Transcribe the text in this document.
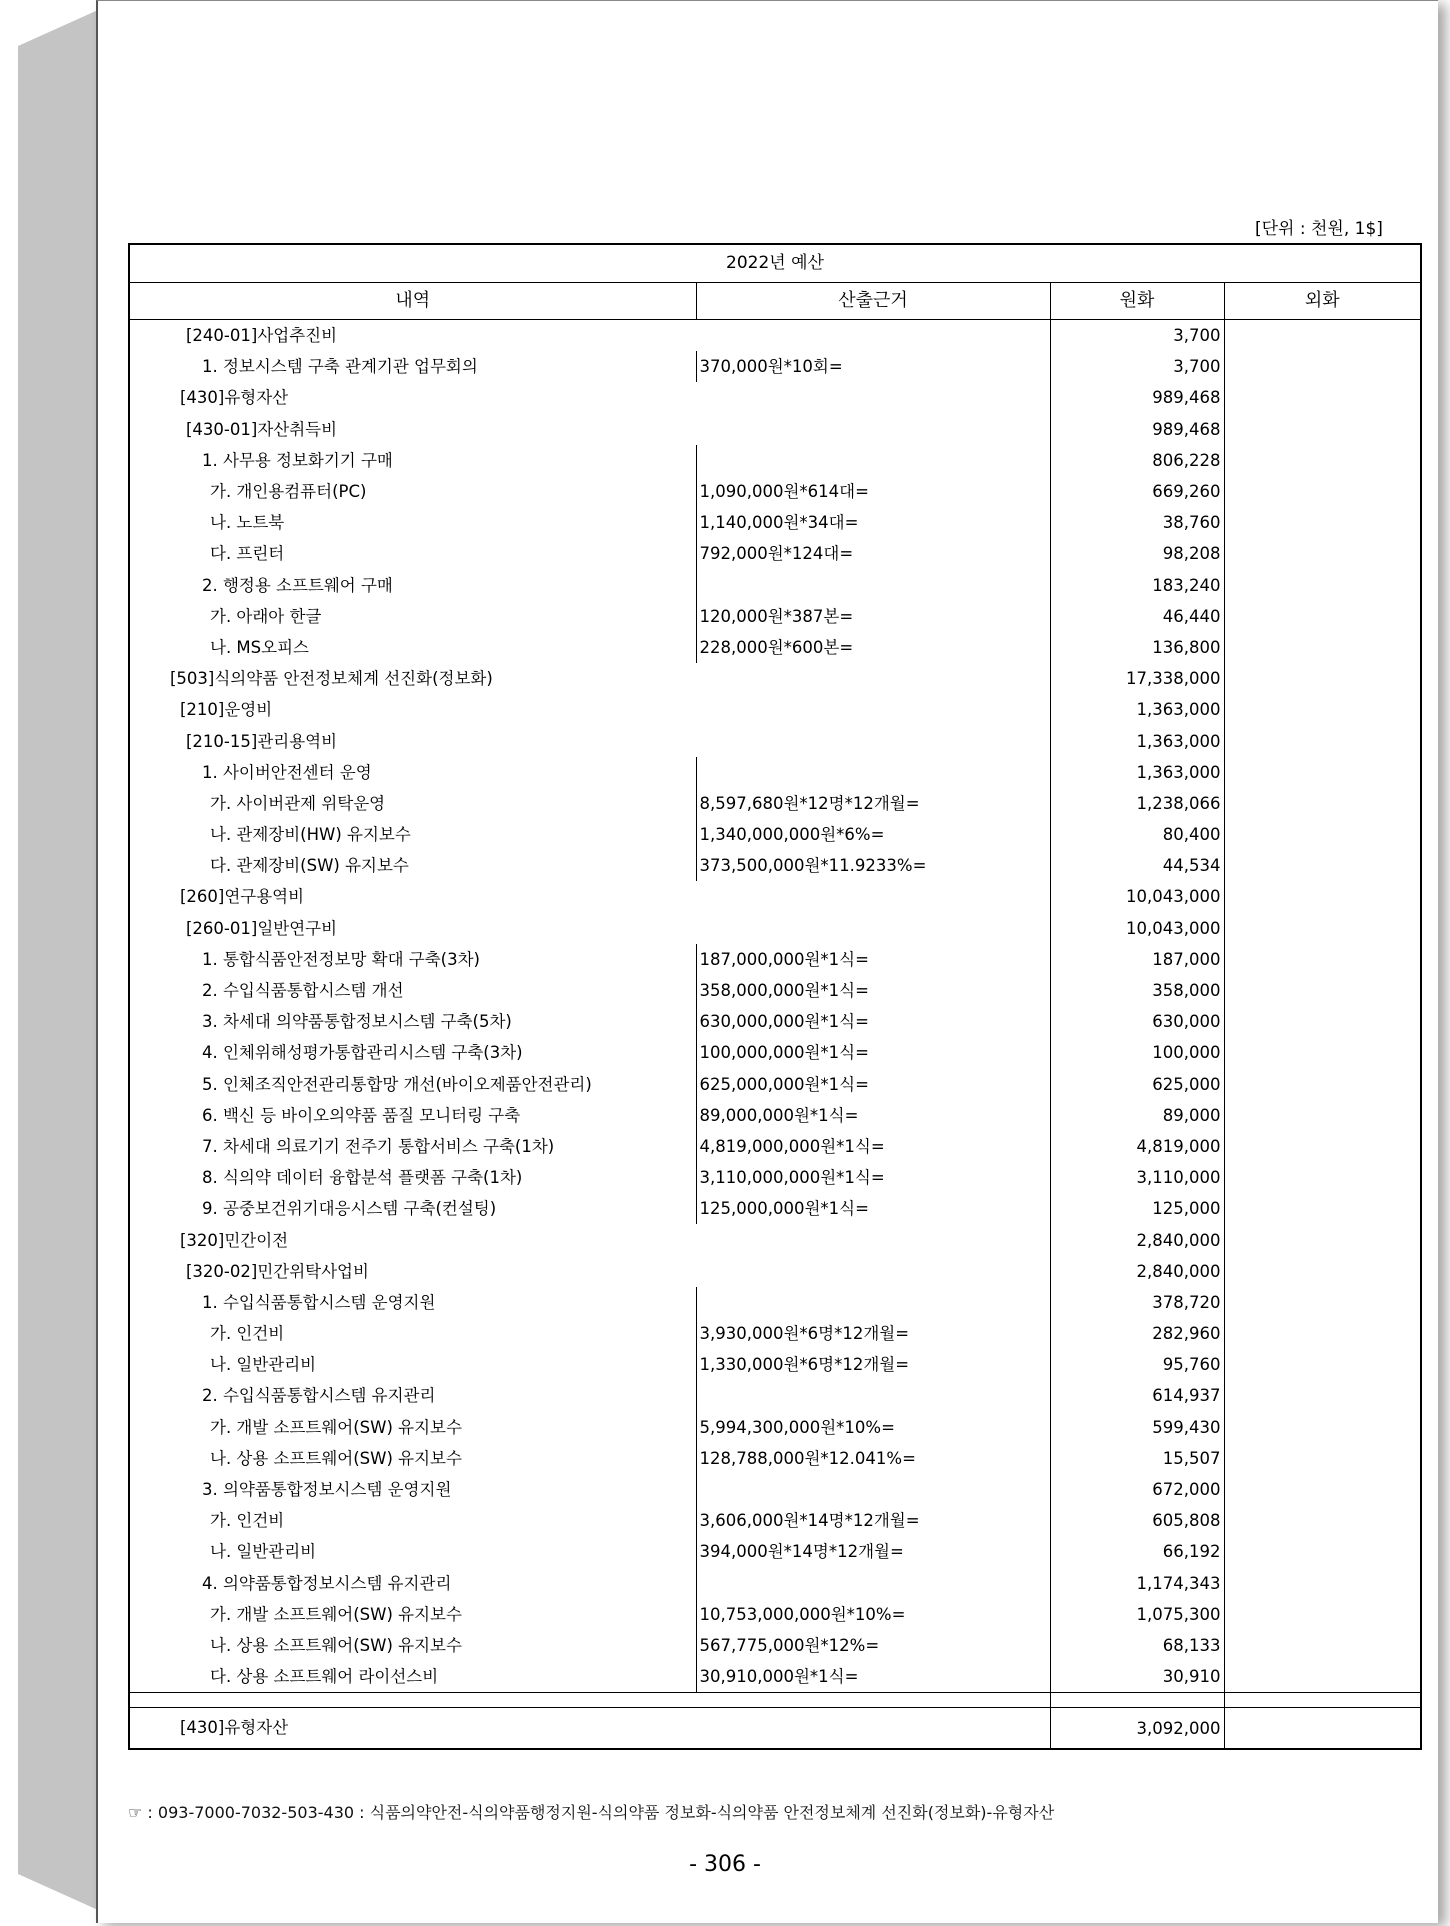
[단위 : 천원, 1$]
2022년 예산			
내역	산출근거	원화	외화
[240-01]사업추진비		3,700	
1. 정보시스템 구축 관계기관 업무회의	370,000원*10회=	3,700	
[430]유형자산		989,468	
[430-01]자산취득비		989,468	
1. 사무용 정보화기기 구매		806,228	
가. 개인용컴퓨터(PC)	1,090,000원*614대=	669,260	
나. 노트북	1,140,000원*34대=	38,760	
다. 프린터	792,000원*124대=	98,208	
2. 행정용 소프트웨어 구매		183,240	
가. 아래아 한글	120,000원*387본=	46,440	
나. MS오피스	228,000원*600본=	136,800	
[503]식의약품 안전정보체계 선진화(정보화)		17,338,000	
[210]운영비		1,363,000	
[210-15]관리용역비		1,363,000	
1. 사이버안전센터 운영		1,363,000	
가. 사이버관제 위탁운영	8,597,680원*12명*12개월=	1,238,066	
나. 관제장비(HW) 유지보수	1,340,000,000원*6%=	80,400	
다. 관제장비(SW) 유지보수	373,500,000원*11.9233%=	44,534	
[260]연구용역비		10,043,000	
[260-01]일반연구비		10,043,000	
1. 통합식품안전정보망 확대 구축(3차)	187,000,000원*1식=	187,000	
2. 수입식품통합시스템 개선	358,000,000원*1식=	358,000	
3. 차세대 의약품통합정보시스템 구축(5차)	630,000,000원*1식=	630,000	
4. 인체위해성평가통합관리시스템 구축(3차)	100,000,000원*1식=	100,000	
5. 인체조직안전관리통합망 개선(바이오제품안전관리)	625,000,000원*1식=	625,000	
6. 백신 등 바이오의약품 품질 모니터링 구축	89,000,000원*1식=	89,000	
7. 차세대 의료기기 전주기 통합서비스 구축(1차)	4,819,000,000원*1식=	4,819,000	
8. 식의약 데이터 융합분석 플랫폼 구축(1차)	3,110,000,000원*1식=	3,110,000	
9. 공중보건위기대응시스템 구축(컨설팅)	125,000,000원*1식=	125,000	
[320]민간이전		2,840,000	
[320-02]민간위탁사업비		2,840,000	
1. 수입식품통합시스템 운영지원		378,720	
가. 인건비	3,930,000원*6명*12개월=	282,960	
나. 일반관리비	1,330,000원*6명*12개월=	95,760	
2. 수입식품통합시스템 유지관리		614,937	
가. 개발 소프트웨어(SW) 유지보수	5,994,300,000원*10%=	599,430	
나. 상용 소프트웨어(SW) 유지보수	128,788,000원*12.041%=	15,507	
3. 의약품통합정보시스템 운영지원		672,000	
가. 인건비	3,606,000원*14명*12개월=	605,808	
나. 일반관리비	394,000원*14명*12개월=	66,192	
4. 의약품통합정보시스템 유지관리		1,174,343	
가. 개발 소프트웨어(SW) 유지보수	10,753,000,000원*10%=	1,075,300	
나. 상용 소프트웨어(SW) 유지보수	567,775,000원*12%=	68,133	
다. 상용 소프트웨어 라이선스비	30,910,000원*1식=	30,910	

[430]유형자산		3,092,000	
☞ : 093-7000-7032-503-430 : 식품의약안전-식의약품행정지원-식의약품 정보화-식의약품 안전정보체계 선진화(정보화)-유형자산
- 306 -
